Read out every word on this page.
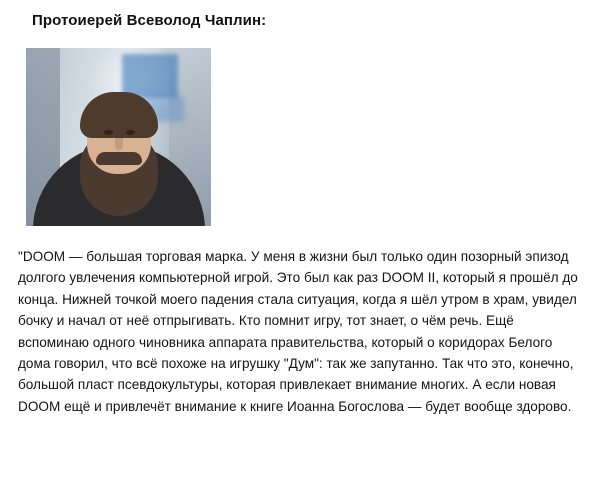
Протоиерей Всеволод Чаплин:
"DOOM — большая торговая марка. У меня в жизни был только один позорный эпизод долгого увлечения компьютерной игрой. Это был как раз DOOM II, который я прошёл до конца. Нижней точкой моего падения стала ситуация, когда я шёл утром в храм, увидел бочку и начал от неё отпрыгивать. Кто помнит игру, тот знает, о чём речь. Ещё вспоминаю одного чиновника аппарата правительства, который о коридорах Белого дома говорил, что всё похоже на игрушку "Дум": так же запутанно. Так что это, конечно, большой пласт псевдокультуры, которая привлекает внимание многих. А если новая DOOM ещё и привлечёт внимание к книге Иоанна Богослова — будет вообще здорово.
